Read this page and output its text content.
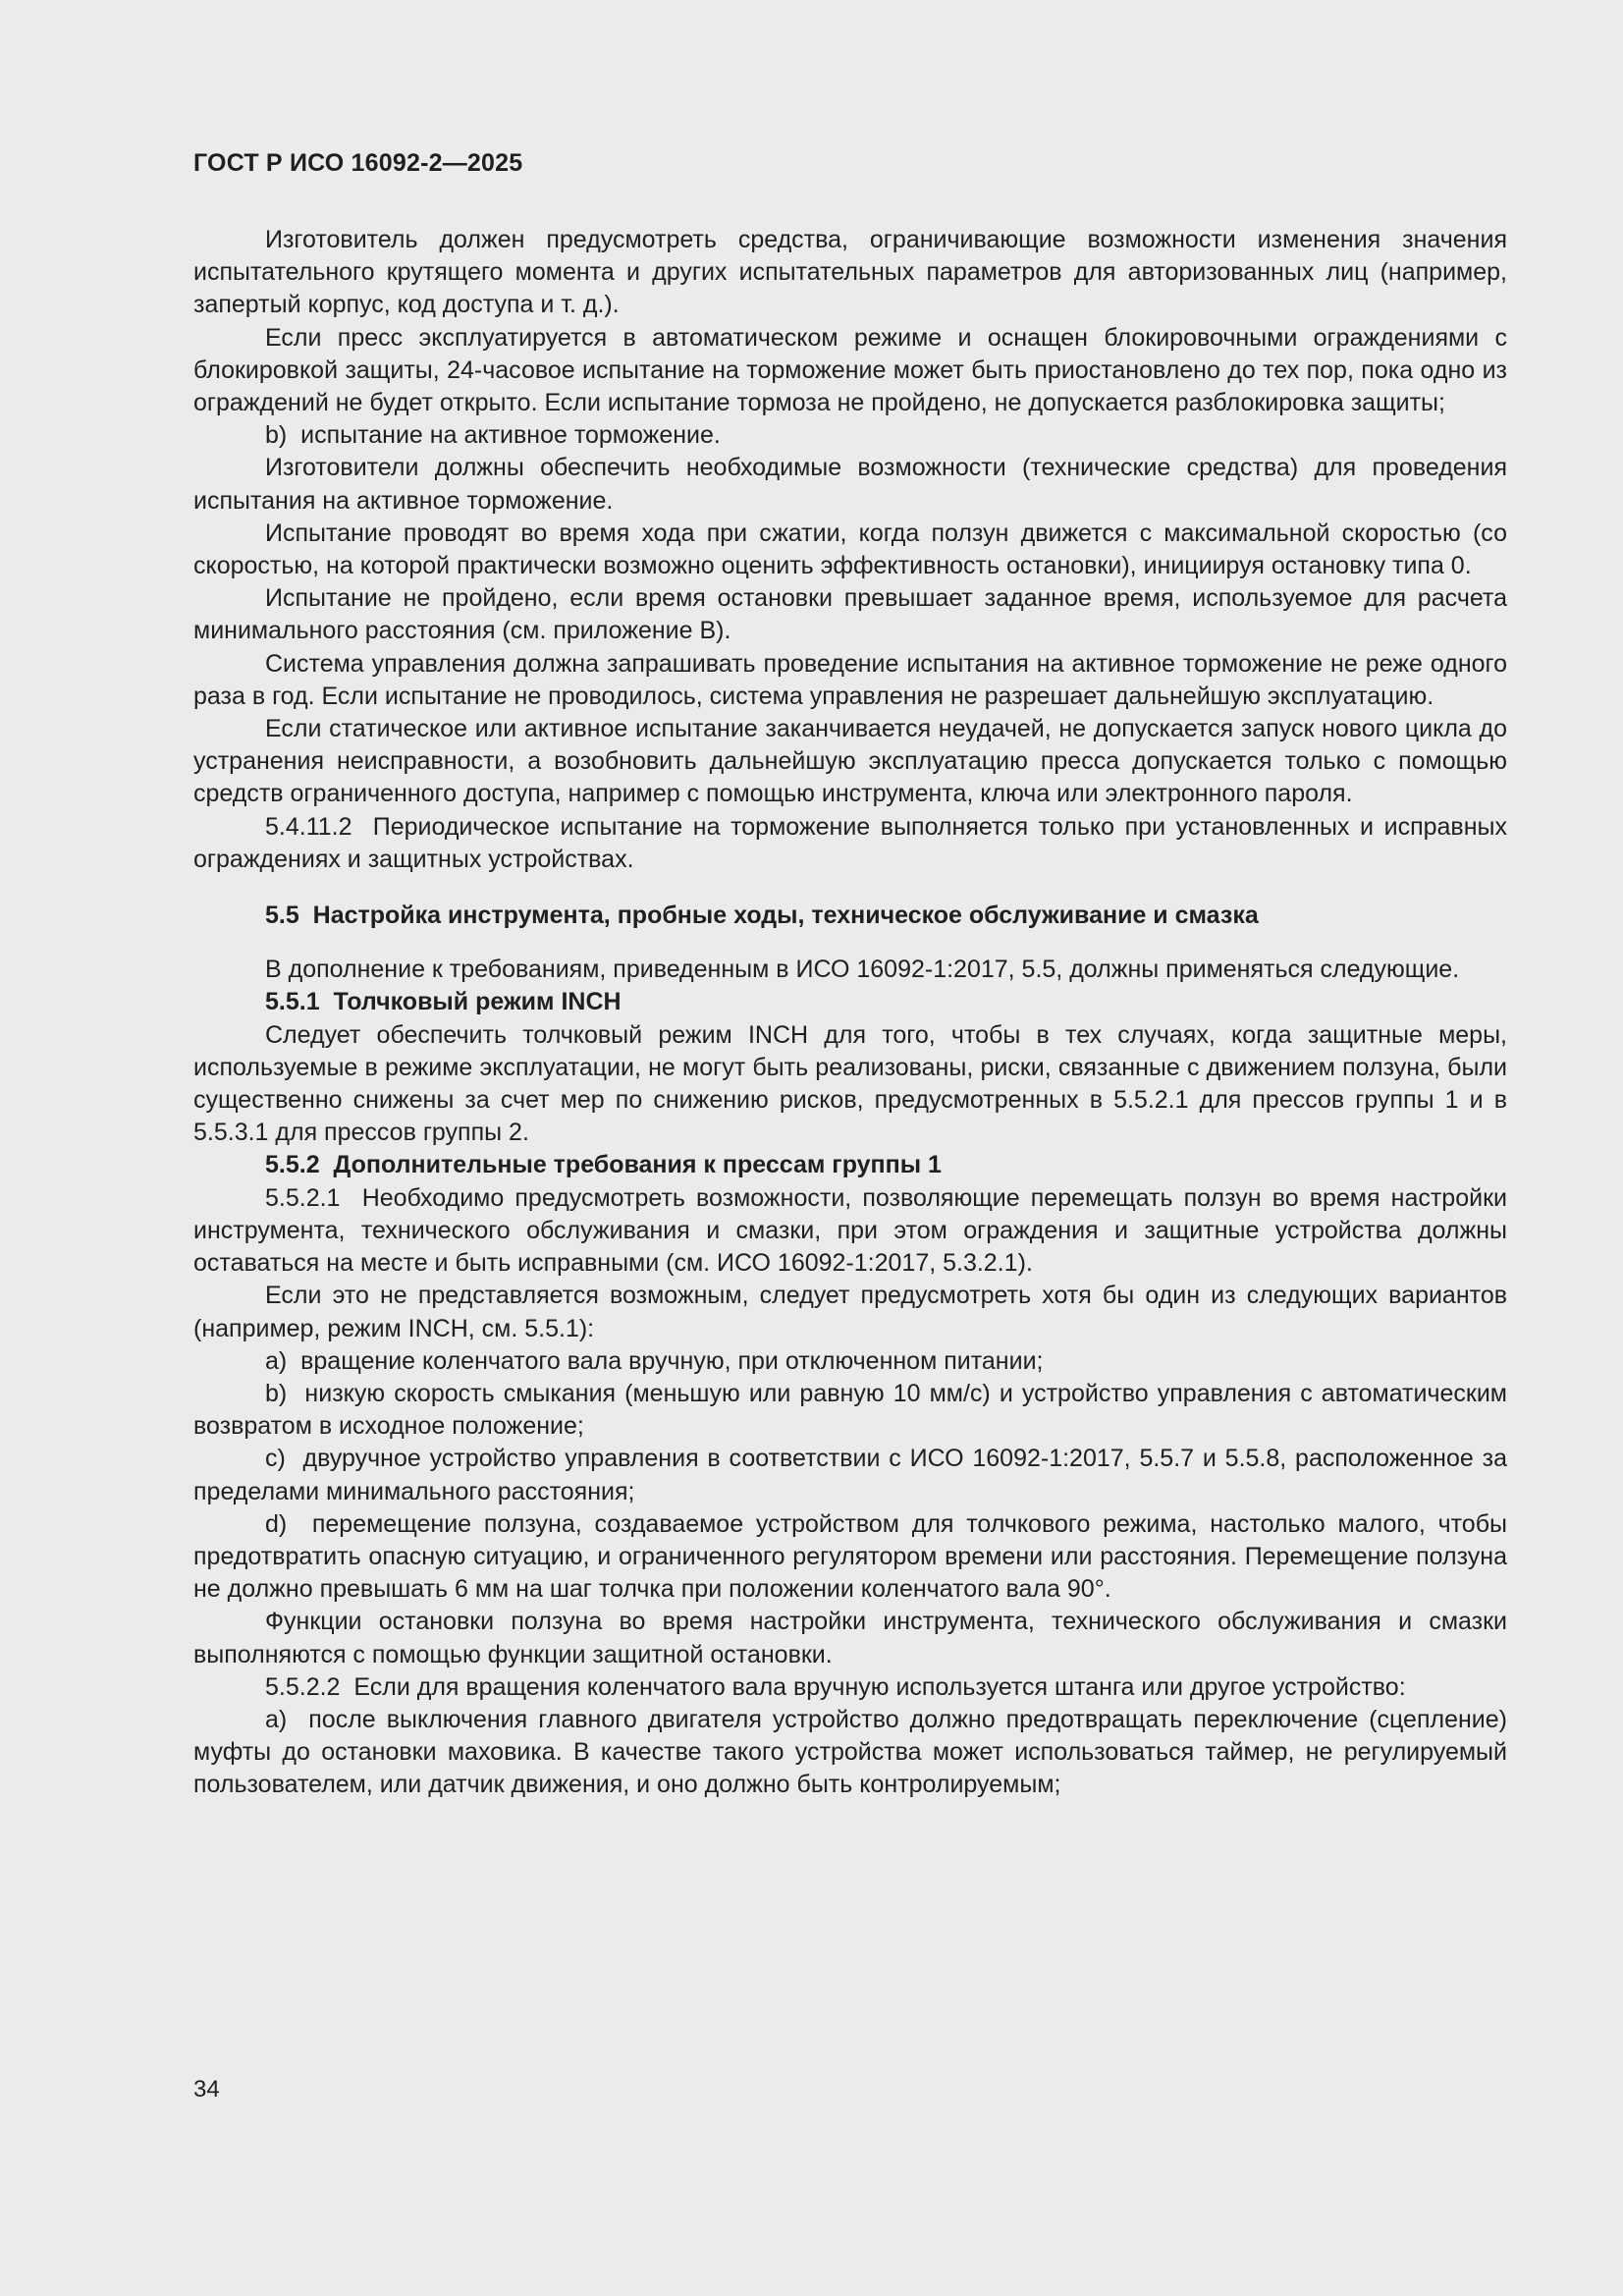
ГОСТ Р ИСО 16092-2—2025

Изготовитель должен предусмотреть средства, ограничивающие возможности изменения значения испытательного крутящего момента и других испытательных параметров для авторизованных лиц (например, запертый корпус, код доступа и т. д.).

Если пресс эксплуатируется в автоматическом режиме и оснащен блокировочными ограждениями с блокировкой защиты, 24-часовое испытание на торможение может быть приостановлено до тех пор, пока одно из ограждений не будет открыто. Если испытание тормоза не пройдено, не допускается разблокировка защиты;

b)  испытание на активное торможение.

Изготовители должны обеспечить необходимые возможности (технические средства) для проведения испытания на активное торможение.

Испытание проводят во время хода при сжатии, когда ползун движется с максимальной скоростью (со скоростью, на которой практически возможно оценить эффективность остановки), инициируя остановку типа 0.

Испытание не пройдено, если время остановки превышает заданное время, используемое для расчета минимального расстояния (см. приложение В).

Система управления должна запрашивать проведение испытания на активное торможение не реже одного раза в год. Если испытание не проводилось, система управления не разрешает дальнейшую эксплуатацию.

Если статическое или активное испытание заканчивается неудачей, не допускается запуск нового цикла до устранения неисправности, а возобновить дальнейшую эксплуатацию пресса допускается только с помощью средств ограниченного доступа, например с помощью инструмента, ключа или электронного пароля.

5.4.11.2  Периодическое испытание на торможение выполняется только при установленных и исправных ограждениях и защитных устройствах.

5.5  Настройка инструмента, пробные ходы, техническое обслуживание и смазка

В дополнение к требованиям, приведенным в ИСО 16092-1:2017, 5.5, должны применяться следующие.

5.5.1  Толчковый режим INCH

Следует обеспечить толчковый режим INCH для того, чтобы в тех случаях, когда защитные меры, используемые в режиме эксплуатации, не могут быть реализованы, риски, связанные с движением ползуна, были существенно снижены за счет мер по снижению рисков, предусмотренных в 5.5.2.1 для прессов группы 1 и в 5.5.3.1 для прессов группы 2.

5.5.2  Дополнительные требования к прессам группы 1

5.5.2.1  Необходимо предусмотреть возможности, позволяющие перемещать ползун во время настройки инструмента, технического обслуживания и смазки, при этом ограждения и защитные устройства должны оставаться на месте и быть исправными (см. ИСО 16092-1:2017, 5.3.2.1).

Если это не представляется возможным, следует предусмотреть хотя бы один из следующих вариантов (например, режим INCH, см. 5.5.1):

а)  вращение коленчатого вала вручную, при отключенном питании;

b)  низкую скорость смыкания (меньшую или равную 10 мм/с) и устройство управления с автоматическим возвратом в исходное положение;

c)  двуручное устройство управления в соответствии с ИСО 16092-1:2017, 5.5.7 и 5.5.8, расположенное за пределами минимального расстояния;

d)  перемещение ползуна, создаваемое устройством для толчкового режима, настолько малого, чтобы предотвратить опасную ситуацию, и ограниченного регулятором времени или расстояния. Перемещение ползуна не должно превышать 6 мм на шаг толчка при положении коленчатого вала 90°.

Функции остановки ползуна во время настройки инструмента, технического обслуживания и смазки выполняются с помощью функции защитной остановки.

5.5.2.2  Если для вращения коленчатого вала вручную используется штанга или другое устройство:

а)  после выключения главного двигателя устройство должно предотвращать переключение (сцепление) муфты до остановки маховика. В качестве такого устройства может использоваться таймер, не регулируемый пользователем, или датчик движения, и оно должно быть контролируемым;

34
